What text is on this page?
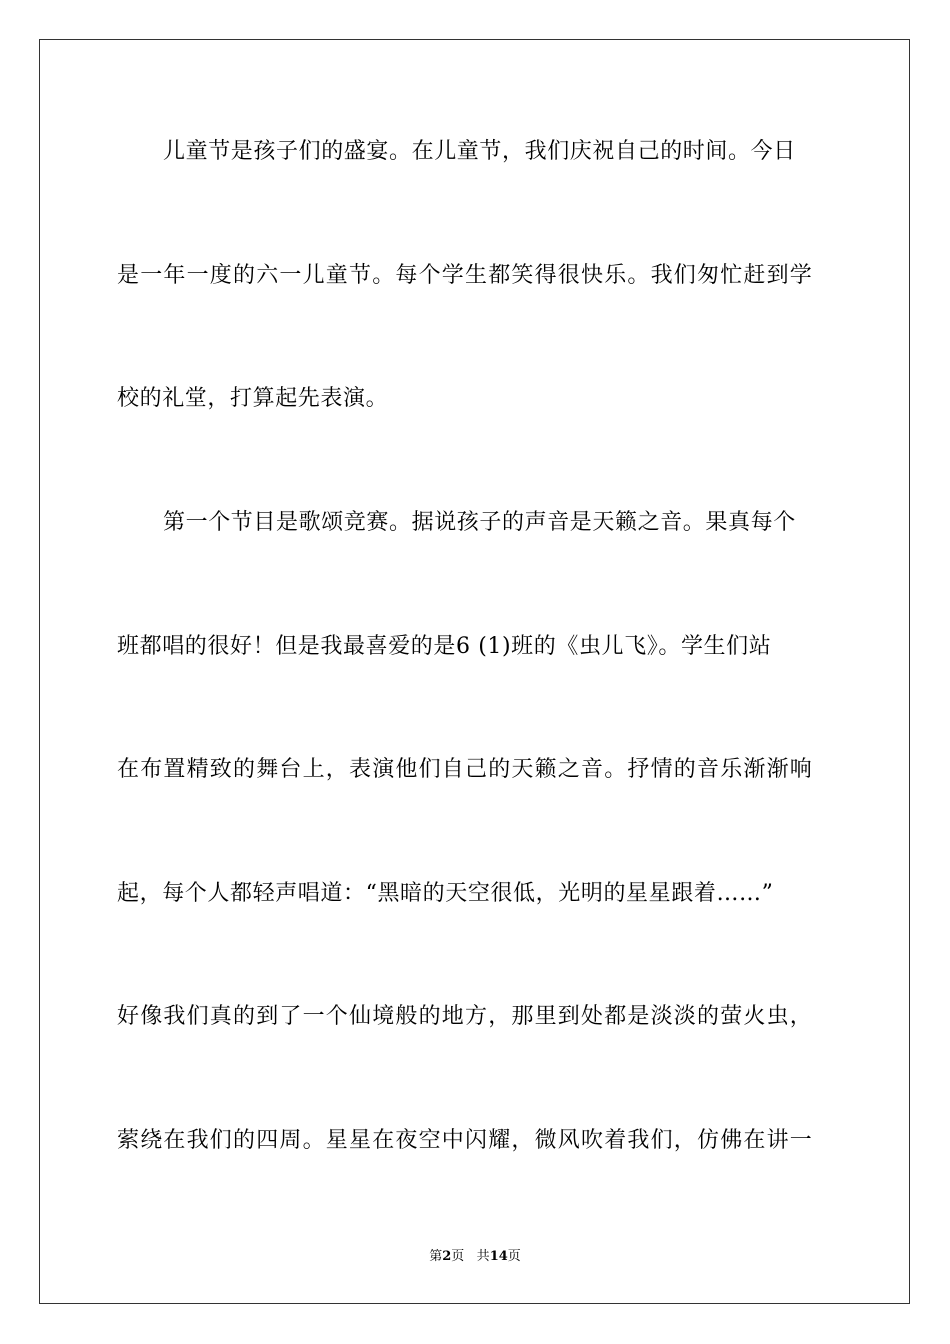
儿童节是孩子们的盛宴。在儿童节，我们庆祝自己的时间。今日
是一年一度的六一儿童节。每个学生都笑得很快乐。我们匆忙赶到学
校的礼堂，打算起先表演。
第一个节目是歌颂竞赛。据说孩子的声音是天籁之音。果真每个
班都唱的很好！但是我最喜爱的是6 (1)班的《虫儿飞》。学生们站
在布置精致的舞台上，表演他们自己的天籁之音。抒情的音乐渐渐响
起，每个人都轻声唱道：“黑暗的天空很低，光明的星星跟着……”
好像我们真的到了一个仙境般的地方，那里到处都是淡淡的萤火虫，
萦绕在我们的四周。星星在夜空中闪耀，微风吹着我们，仿佛在讲一
第2页 共14页
